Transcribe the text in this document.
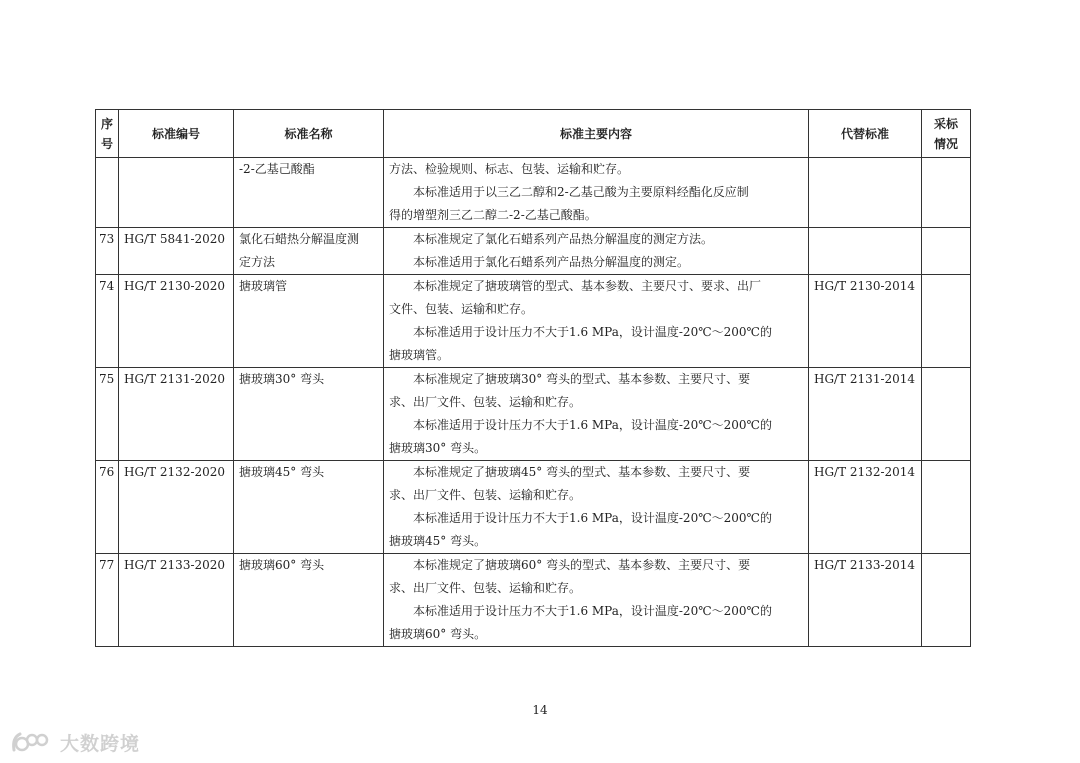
序
号	标准编号	标准名称	标准主要内容	代替标准	采标
情况

		-2-乙基己酸酯	方法、检验规则、标志、包装、运输和贮存。
本标准适用于以三乙二醇和2-乙基己酸为主要原料经酯化反应制
得的增塑剂三乙二醇二-2-乙基己酸酯。		

73	HG/T 5841-2020	氯化石蜡热分解温度测
定方法	本标准规定了氯化石蜡系列产品热分解温度的测定方法。
本标准适用于氯化石蜡系列产品热分解温度的测定。		

74	HG/T 2130-2020	搪玻璃管	本标准规定了搪玻璃管的型式、基本参数、主要尺寸、要求、出厂
文件、包装、运输和贮存。
本标准适用于设计压力不大于1.6 MPa，设计温度-20℃～200℃的
搪玻璃管。	HG/T 2130-2014	
75	HG/T 2131-2020	搪玻璃30° 弯头	本标准规定了搪玻璃30° 弯头的型式、基本参数、主要尺寸、要
求、出厂文件、包装、运输和贮存。
本标准适用于设计压力不大于1.6 MPa，设计温度-20℃～200℃的
搪玻璃30° 弯头。	HG/T 2131-2014	
76	HG/T 2132-2020	搪玻璃45° 弯头	本标准规定了搪玻璃45° 弯头的型式、基本参数、主要尺寸、要
求、出厂文件、包装、运输和贮存。
本标准适用于设计压力不大于1.6 MPa，设计温度-20℃～200℃的
搪玻璃45° 弯头。	HG/T 2132-2014	
77	HG/T 2133-2020	搪玻璃60° 弯头	本标准规定了搪玻璃60° 弯头的型式、基本参数、主要尺寸、要
求、出厂文件、包装、运输和贮存。
本标准适用于设计压力不大于1.6 MPa，设计温度-20℃～200℃的
搪玻璃60° 弯头。	HG/T 2133-2014	
14
大数跨境
